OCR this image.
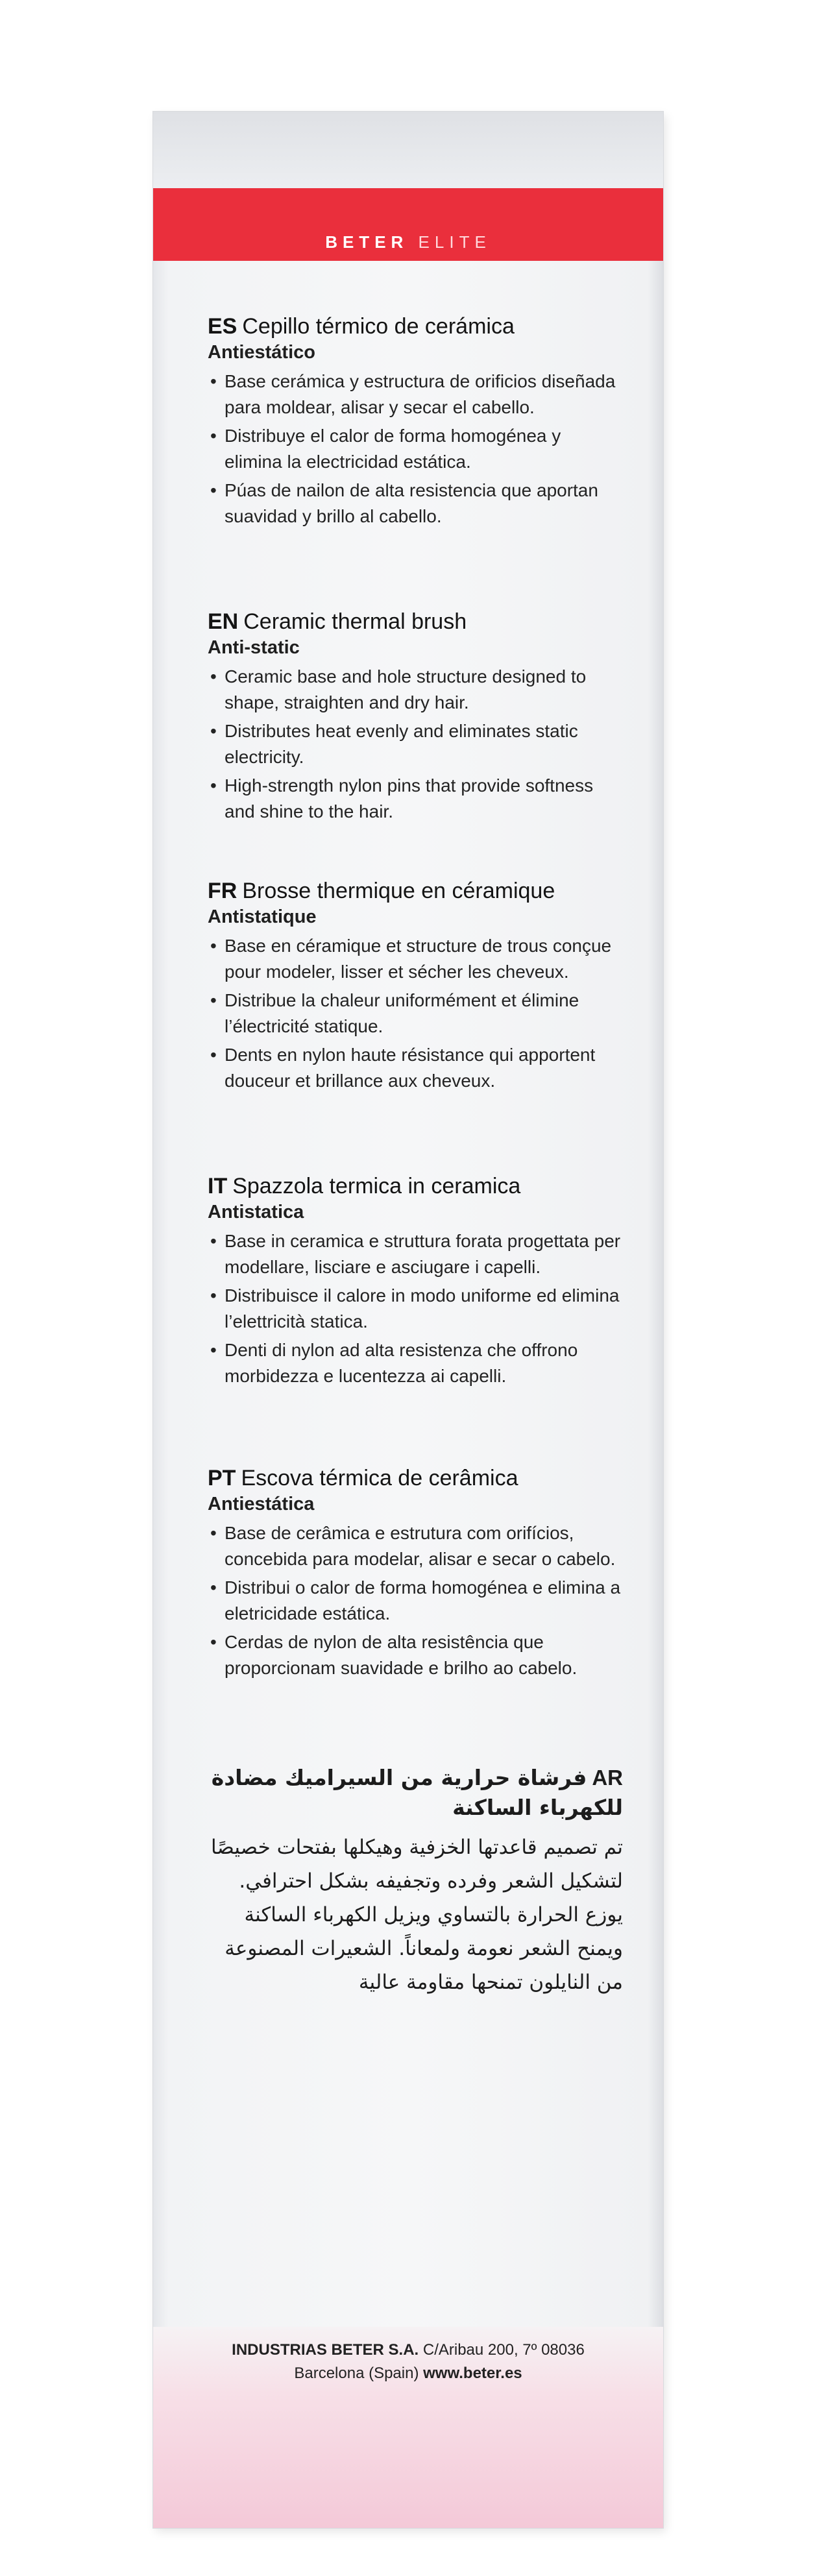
BETER ELITE
ES Cepillo térmico de cerámica
Antiestático
• Base cerámica y estructura de orificios diseñada para moldear, alisar y secar el cabello.
• Distribuye el calor de forma homogénea y elimina la electricidad estática.
• Púas de nailon de alta resistencia que aportan suavidad y brillo al cabello.
EN Ceramic thermal brush
Anti-static
• Ceramic base and hole structure designed to shape, straighten and dry hair.
• Distributes heat evenly and eliminates static electricity.
• High-strength nylon pins that provide softness and shine to the hair.
FR Brosse thermique en céramique
Antistatique
• Base en céramique et structure de trous conçue pour modeler, lisser et sécher les cheveux.
• Distribue la chaleur uniformément et élimine l’électricité statique.
• Dents en nylon haute résistance qui apportent douceur et brillance aux cheveux.
IT Spazzola termica in ceramica
Antistatica
• Base in ceramica e struttura forata progettata per modellare, lisciare e asciugare i capelli.
• Distribuisce il calore in modo uniforme ed elimina l’elettricità statica.
• Denti di nylon ad alta resistenza che offrono morbidezza e lucentezza ai capelli.
PT Escova térmica de cerâmica
Antiestática
• Base de cerâmica e estrutura com orifícios, concebida para modelar, alisar e secar o cabelo.
• Distribui o calor de forma homogénea e elimina a eletricidade estática.
• Cerdas de nylon de alta resistência que proporcionam suavidade e brilho ao cabelo.
ARفرشاة حرارية من السيراميك مضادة للكهرباء الساكنة

تم تصميم قاعدتها الخزفية وهيكلها بفتحات خصيصًا لتشكيل الشعر وفرده وتجفيفه بشكل احترافي. يوزع الحرارة بالتساوي ويزيل الكهرباء الساكنة ويمنح الشعر نعومة ولمعاناً. الشعيرات المصنوعة من النايلون تمنحها مقاومة عالية

INDUSTRIAS BETER S.A. C/Aribau 200, 7º 08036
Barcelona (Spain) www.beter.es
